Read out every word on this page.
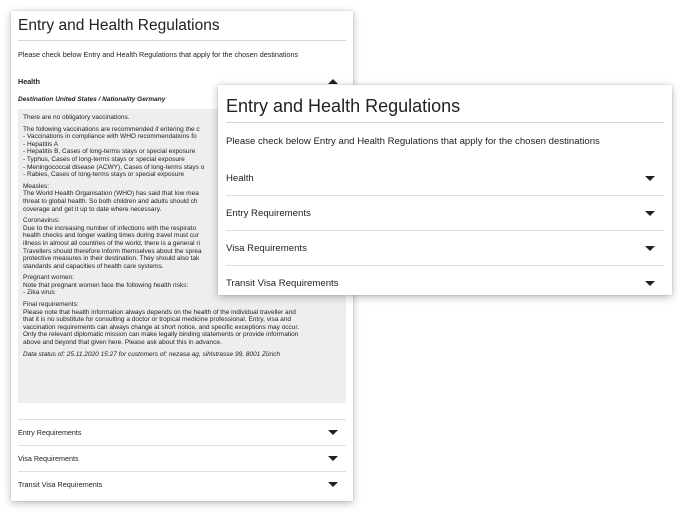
Entry and Health Regulations

Please check below Entry and Health Regulations that apply for the chosen destinations

Health
Destination United States / Nationality Germany

There are no obligatory vaccinations.

The following vaccinations are recommended if entering the c

- Vaccinations in compliance with WHO recommendations fo
- Hepatitis A
- Hepatitis B, Cases of long-terms stays or special exposure
- Typhus, Cases of long-terms stays or special exposure
- Meningococcal disease (ACWY), Cases of long-terms stays o

- Rabies, Cases of long-terms stays or special exposure

Measles:
The World Health Organisation (WHO) has said that low mea
threat to global health. So both children and adults should ch

coverage and get it up to date where necessary.

Coronavirus:
Due to the increasing number of infections with the respirato
health checks and longer waiting times during travel must cur
illness in almost all countries of the world, there is a general ri
Travellers should therefore inform themselves about the sprea
protective measures in their destination. They should also tak

standards and capacities of health care systems.

Pregnant women:
Note that pregnant women face the following health risks:

- Zika virus

Final requirements:
Please note that health information always depends on the health of the individual traveller and
that it is no substitute for consulting a doctor or tropical medicine professional. Entry, visa and
vaccination requirements can always change at short notice, and specific exceptions may occur.
Only the relevant diplomatic mission can make legally binding statements or provide information

above and beyond that given here. Please ask about this in advance.

Data status of: 25.11.2020 15:27 for customers of: nezasa ag, sihlstrasse 99, 8001 Zürich

Entry Requirements
Visa Requirements
Transit Visa Requirements
Entry and Health Regulations

Please check below Entry and Health Regulations that apply for the chosen destinations

Health
Entry Requirements
Visa Requirements
Transit Visa Requirements
